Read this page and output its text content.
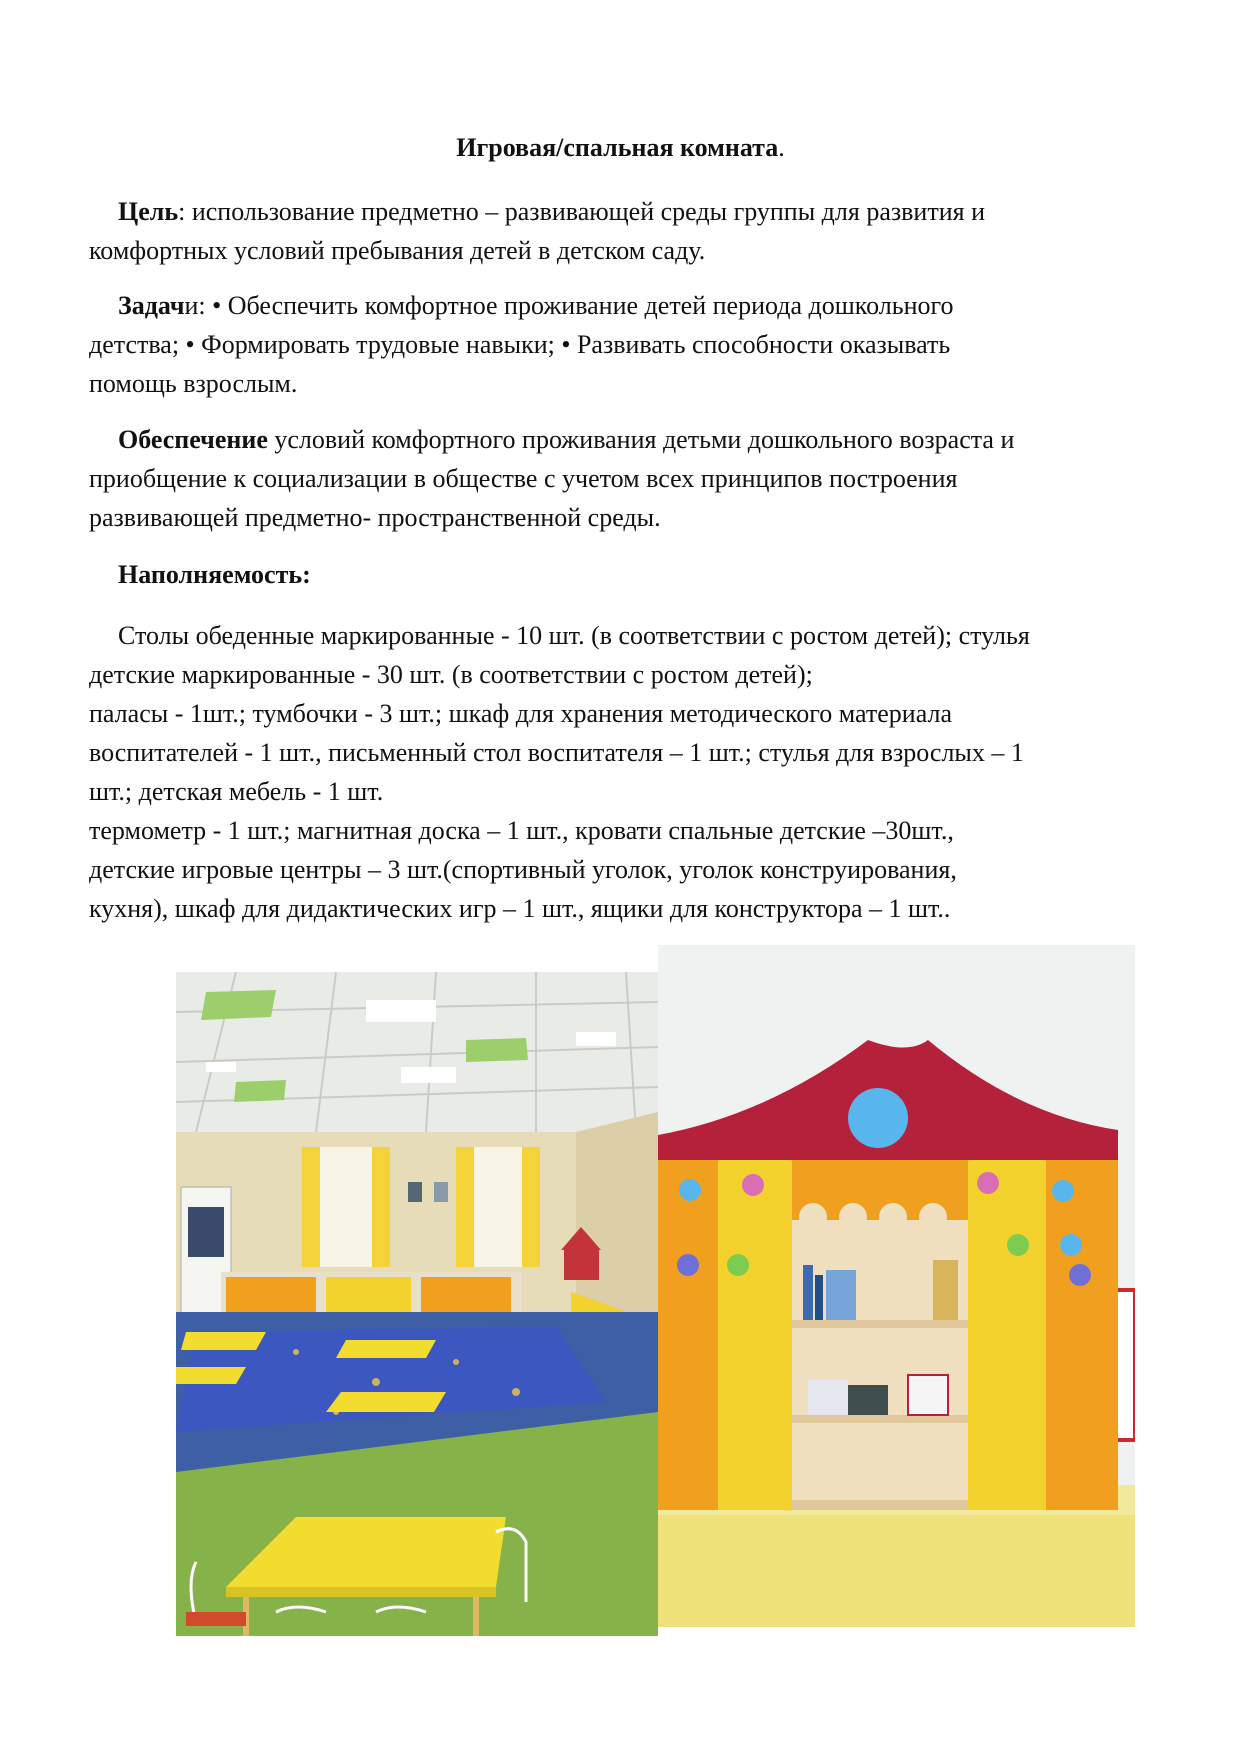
Игровая/спальная комната.
Цель: использование предметно – развивающей среды группы для развития и
комфортных условий пребывания детей в детском саду.
Задачи: • Обеспечить комфортное проживание детей периода дошкольного
детства; • Формировать трудовые навыки; • Развивать способности оказывать
помощь взрослым.
Обеспечение условий комфортного проживания детьми дошкольного возраста и
приобщение к социализации в обществе с учетом всех принципов построения
развивающей предметно- пространственной среды.
Наполняемость:
Столы обеденные маркированные - 10 шт. (в соответствии с ростом детей); стулья
детские маркированные - 30 шт. (в соответствии с ростом детей);
паласы - 1шт.; тумбочки - 3 шт.; шкаф для хранения методического материала
воспитателей - 1 шт., письменный стол воспитателя – 1 шт.; стулья для взрослых – 1
шт.; детская мебель - 1 шт.
термометр - 1 шт.; магнитная доска – 1 шт., кровати спальные детские –30шт.,
детские игровые центры – 3 шт.(спортивный уголок, уголок конструирования,
кухня), шкаф для дидактических игр – 1 шт., ящики для конструктора – 1 шт..
